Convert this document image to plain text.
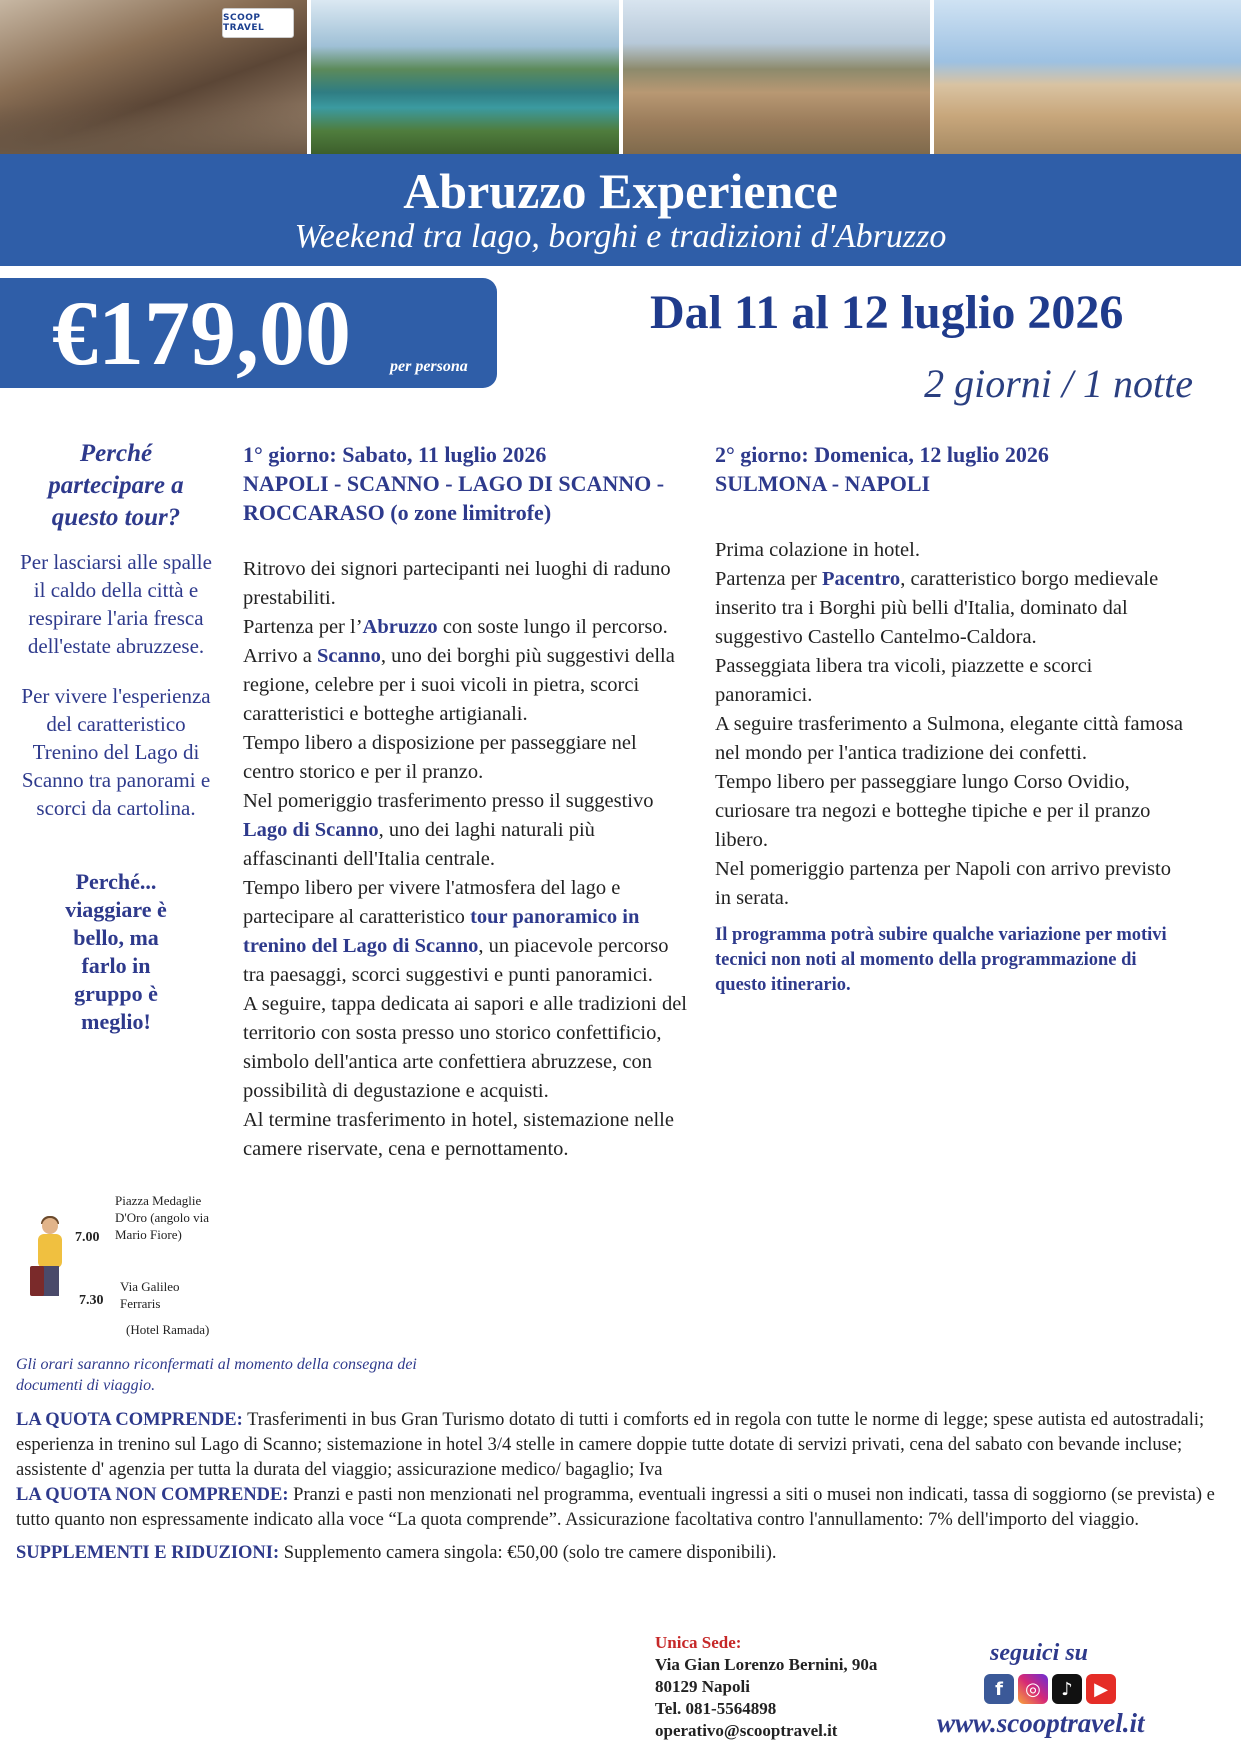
SCOOP TRAVEL
Abruzzo Experience
Weekend tra lago, borghi e tradizioni d'Abruzzo
€179,00 per persona
Dal 11 al 12 luglio 2026
2 giorni / 1 notte
Perché partecipare a questo tour?
Per lasciarsi alle spalle il caldo della città e respirare l'aria fresca dell'estate abruzzese.
Per vivere l'esperienza del caratteristico Trenino del Lago di Scanno tra panorami e scorci da cartolina.
Perché... viaggiare è bello, ma farlo in gruppo è meglio!
Piazza Medaglie D'Oro (angolo via Mario Fiore)
7.00
Via Galileo Ferraris
7.30
(Hotel Ramada)
Gli orari saranno riconfermati al momento della consegna dei documenti di viaggio.
1° giorno: Sabato, 11 luglio 2026
NAPOLI - SCANNO - LAGO DI SCANNO - ROCCARASO (o zone limitrofe)
Ritrovo dei signori partecipanti nei luoghi di raduno prestabiliti.
Partenza per l’Abruzzo con soste lungo il percorso.
Arrivo a Scanno, uno dei borghi più suggestivi della regione, celebre per i suoi vicoli in pietra, scorci caratteristici e botteghe artigianali.
Tempo libero a disposizione per passeggiare nel centro storico e per il pranzo.
Nel pomeriggio trasferimento presso il suggestivo Lago di Scanno, uno dei laghi naturali più affascinanti dell'Italia centrale.
Tempo libero per vivere l'atmosfera del lago e partecipare al caratteristico tour panoramico in trenino del Lago di Scanno, un piacevole percorso tra paesaggi, scorci suggestivi e punti panoramici.
A seguire, tappa dedicata ai sapori e alle tradizioni del territorio con sosta presso uno storico confettificio, simbolo dell'antica arte confettiera abruzzese, con possibilità di degustazione e acquisti.
Al termine trasferimento in hotel, sistemazione nelle camere riservate, cena e pernottamento.
2° giorno: Domenica, 12 luglio 2026
SULMONA - NAPOLI
Prima colazione in hotel.
Partenza per Pacentro, caratteristico borgo medievale inserito tra i Borghi più belli d'Italia, dominato dal suggestivo Castello Cantelmo-Caldora.
Passeggiata libera tra vicoli, piazzette e scorci panoramici.
A seguire trasferimento a Sulmona, elegante città famosa nel mondo per l'antica tradizione dei confetti.
Tempo libero per passeggiare lungo Corso Ovidio, curiosare tra negozi e botteghe tipiche e per il pranzo libero.
Nel pomeriggio partenza per Napoli con arrivo previsto in serata.
Il programma potrà subire qualche variazione per motivi tecnici non noti al momento della programmazione di questo itinerario.

LA QUOTA COMPRENDE: Trasferimenti in bus Gran Turismo dotato di tutti i comforts ed in regola con tutte le norme di legge; spese autista ed autostradali; esperienza in trenino sul Lago di Scanno; sistemazione in hotel 3/4 stelle in camere doppie tutte dotate di servizi privati, cena del sabato con bevande incluse; assistente d' agenzia per tutta la durata del viaggio; assicurazione medico/ bagaglio; Iva

LA QUOTA NON COMPRENDE: Pranzi e pasti non menzionati nel programma, eventuali ingressi a siti o musei non indicati, tassa di soggiorno (se prevista) e tutto quanto non espressamente indicato alla voce “La quota comprende”. Assicurazione facoltativa contro l'annullamento: 7% dell'importo del viaggio.

SUPPLEMENTI E RIDUZIONI: Supplemento camera singola: €50,00 (solo tre camere disponibili).

Unica Sede:
Via Gian Lorenzo Bernini, 90a
80129 Napoli
Tel. 081-5564898
operativo@scooptravel.it
seguici su
f	◎	♪	▶
www.scooptravel.it
